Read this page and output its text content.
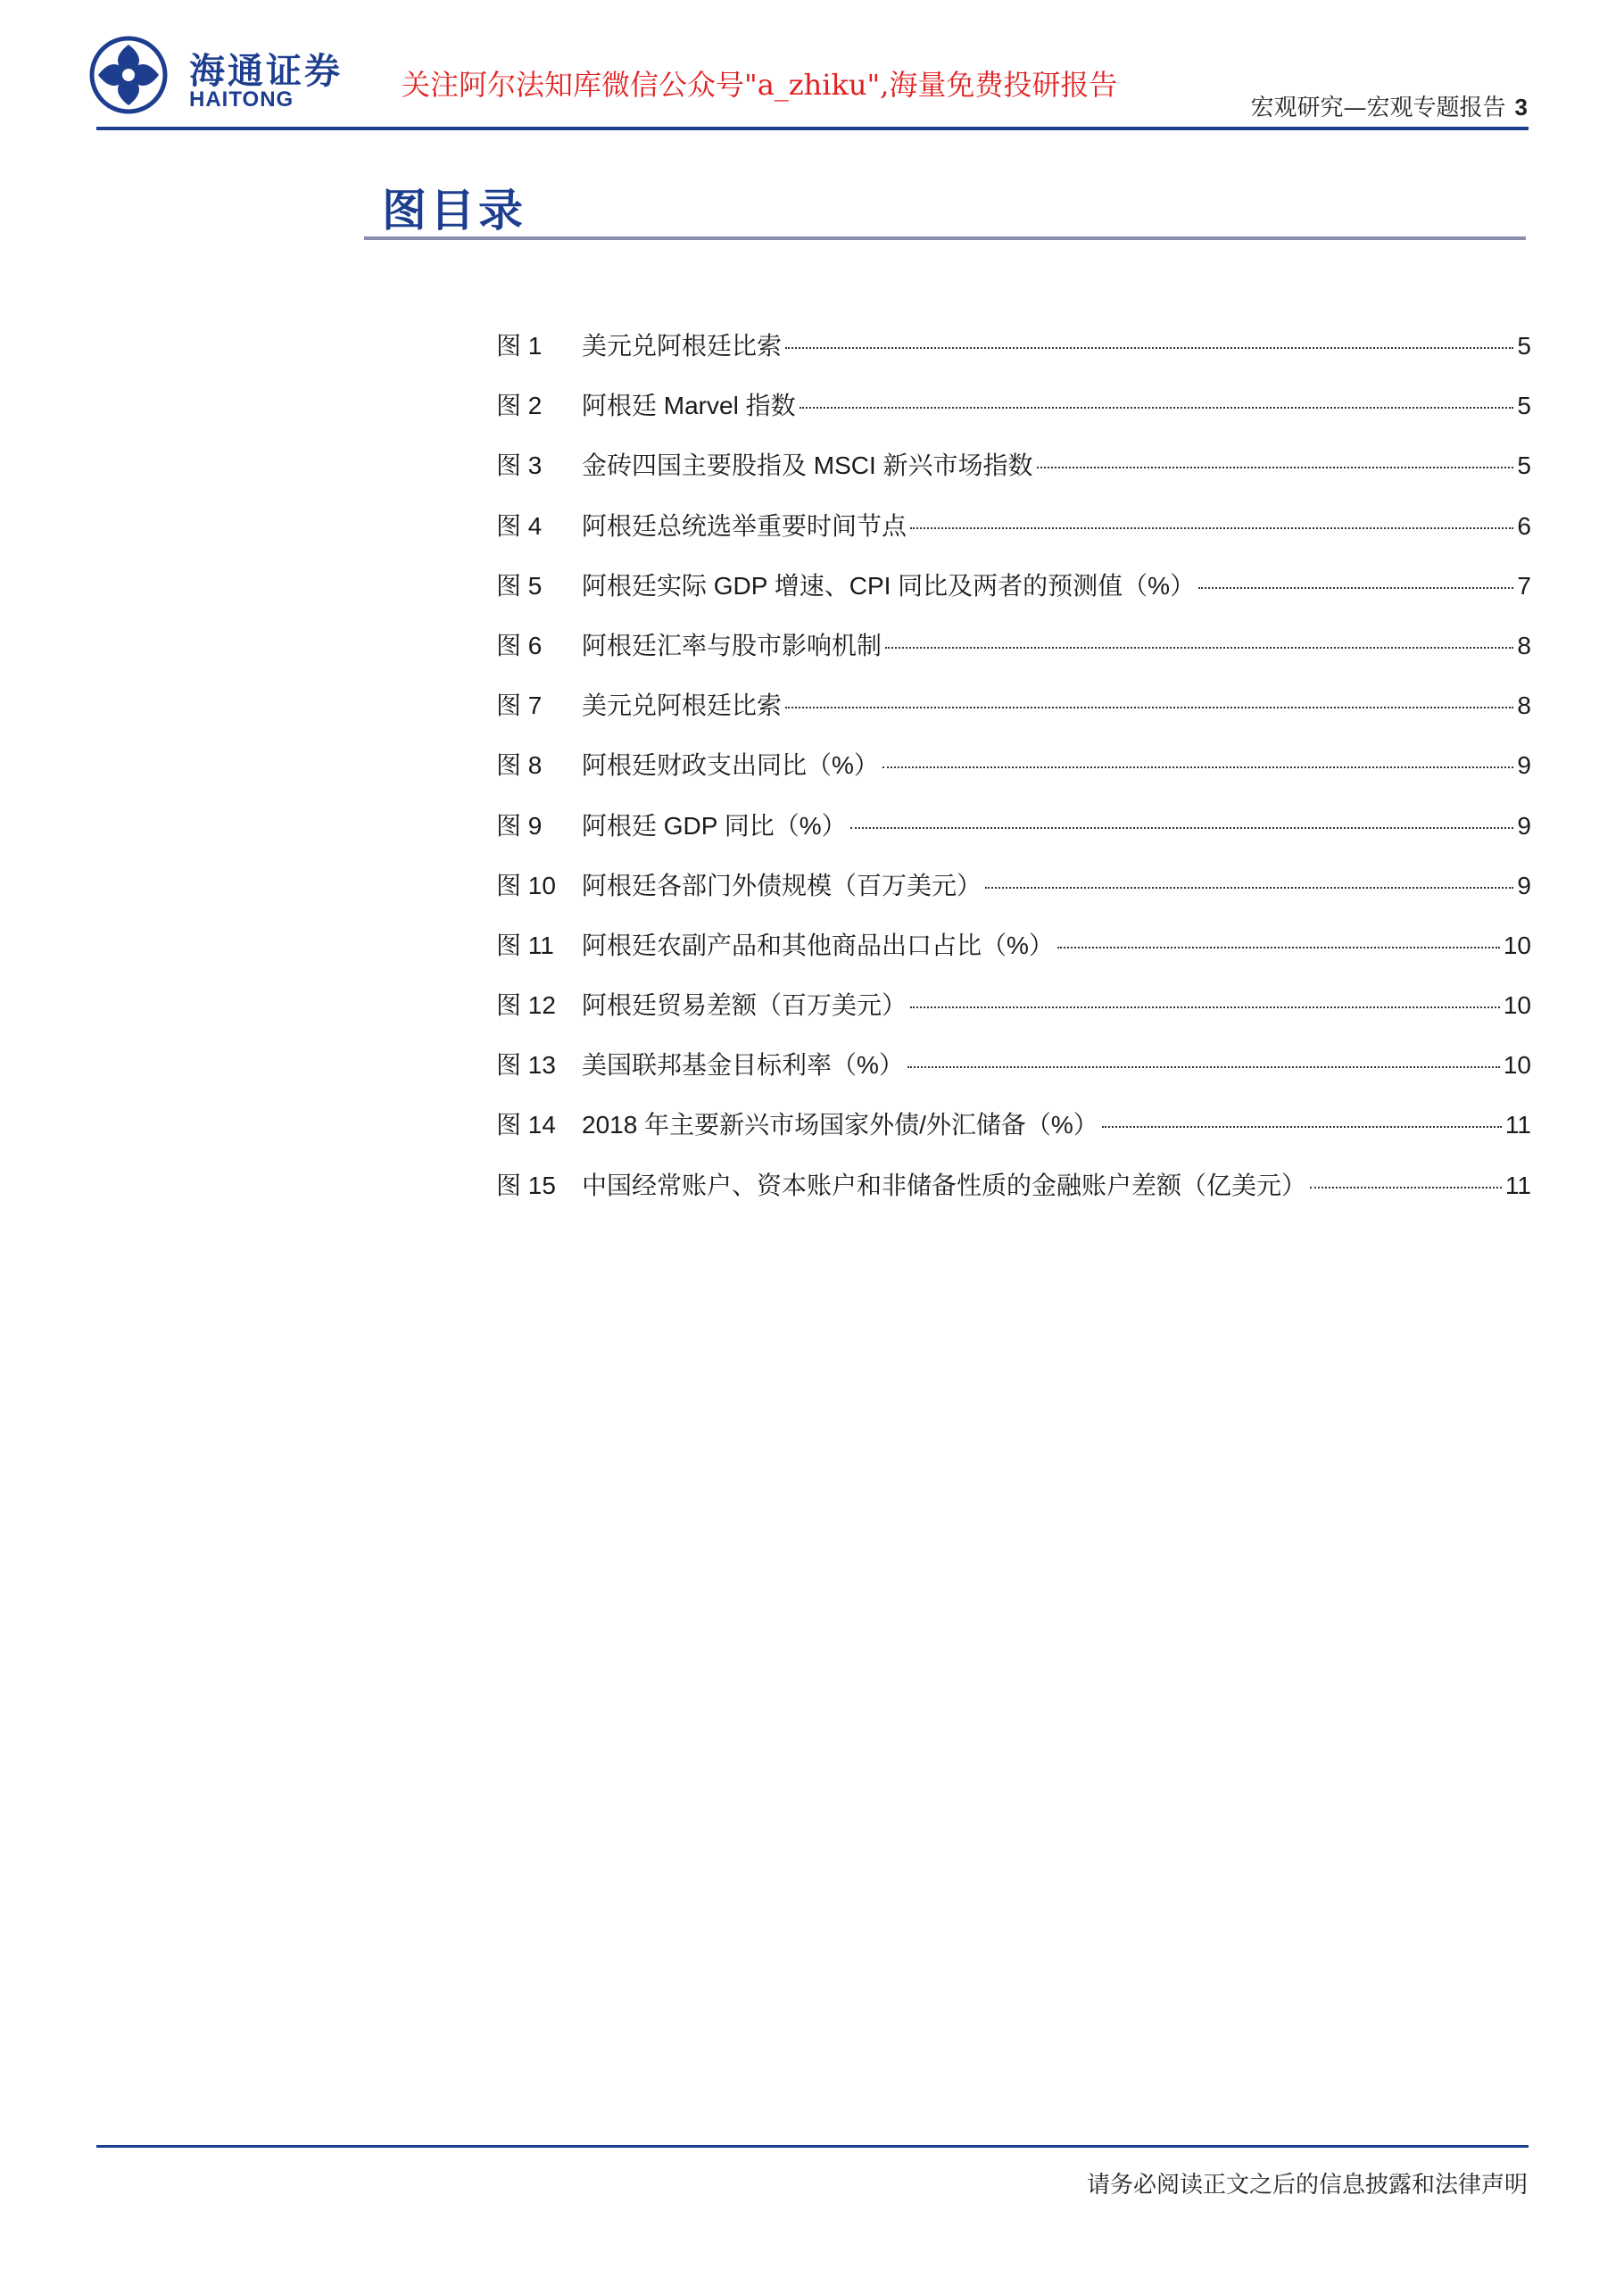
海通证券
HAITONG	关注阿尔法知库微信公众号"a_zhiku",海量免费投研报告
宏观研究—宏观专题报告 3
图目录
图 1 美元兑阿根廷比索	5
图 2 阿根廷 Marvel 指数	5
图 3 金砖四国主要股指及 MSCI 新兴市场指数	5
图 4 阿根廷总统选举重要时间节点	6
图 5 阿根廷实际 GDP 增速、CPI 同比及两者的预测值（%）	7
图 6 阿根廷汇率与股市影响机制	8
图 7 美元兑阿根廷比索	8
图 8 阿根廷财政支出同比（%）	9
图 9 阿根廷 GDP 同比（%）	9
图 10 阿根廷各部门外债规模（百万美元）	9
图 11 阿根廷农副产品和其他商品出口占比（%）	10
图 12 阿根廷贸易差额（百万美元）	10
图 13 美国联邦基金目标利率（%）	10
图 14 2018 年主要新兴市场国家外债/外汇储备（%）	11
图 15 中国经常账户、资本账户和非储备性质的金融账户差额（亿美元）	11
请务必阅读正文之后的信息披露和法律声明
